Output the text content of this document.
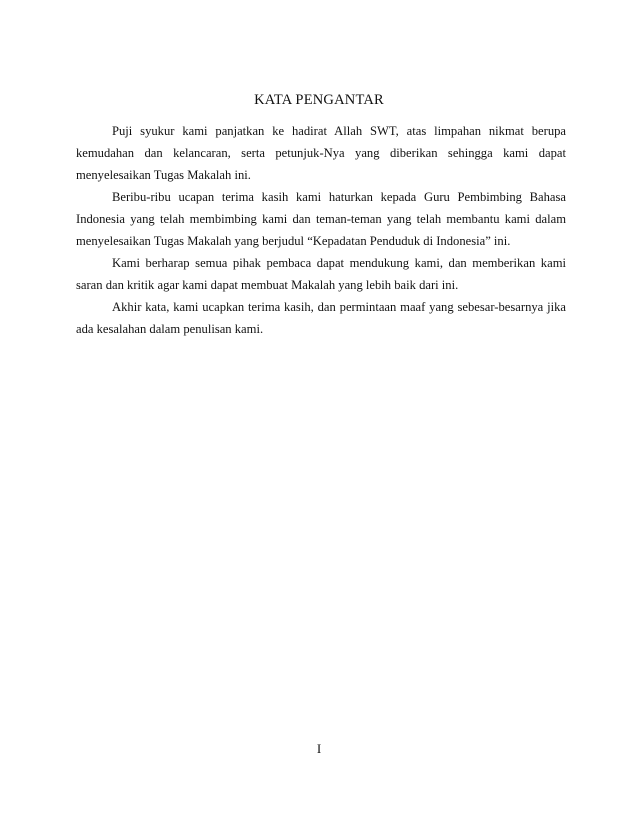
KATA PENGANTAR

Puji syukur kami panjatkan ke hadirat Allah SWT, atas limpahan nikmat berupa kemudahan dan kelancaran, serta petunjuk-Nya yang diberikan sehingga kami dapat menyelesaikan Tugas Makalah ini.

Beribu-ribu ucapan terima kasih kami haturkan kepada Guru Pembimbing Bahasa Indonesia yang telah membimbing kami dan teman-teman yang telah membantu kami dalam menyelesaikan Tugas Makalah yang berjudul “Kepadatan Penduduk di Indonesia” ini.

Kami berharap semua pihak pembaca dapat mendukung kami, dan memberikan kami saran dan kritik agar kami dapat membuat Makalah yang lebih baik dari ini.

Akhir kata, kami ucapkan terima kasih, dan permintaan maaf yang sebesar-besarnya jika ada kesalahan dalam penulisan kami.

I
